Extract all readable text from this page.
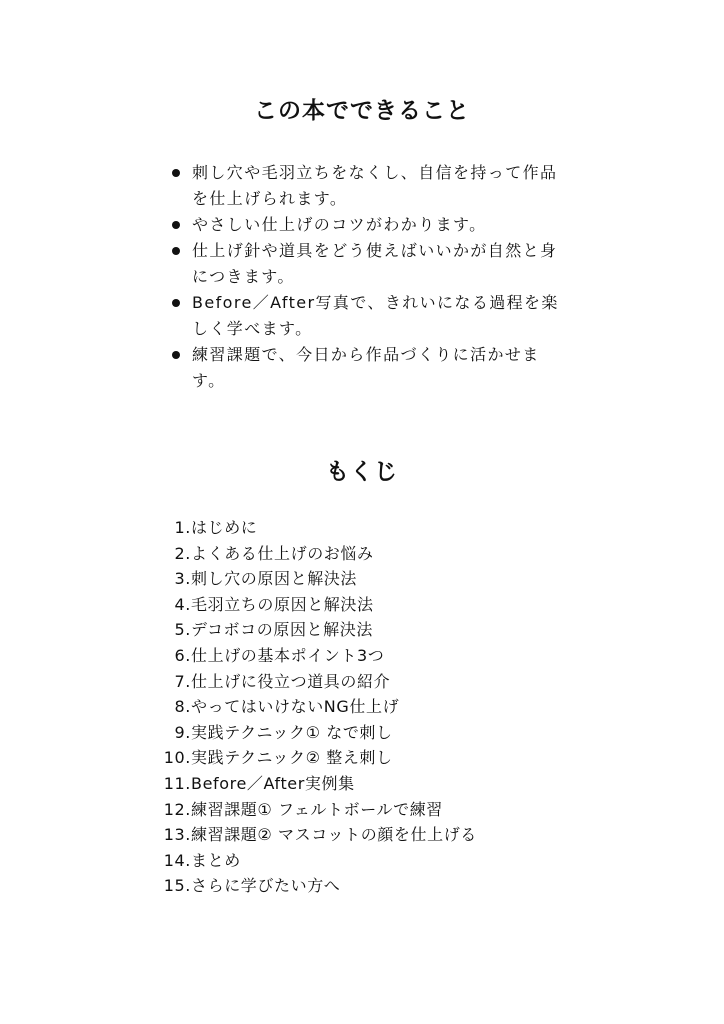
この本でできること
刺し穴や毛羽立ちをなくし、自信を持って作品を仕上げられます。
やさしい仕上げのコツがわかります。
仕上げ針や道具をどう使えばいいかが自然と身につきます。
Before／After写真で、きれいになる過程を楽しく学べます。
練習課題で、今日から作品づくりに活かせます。
もくじ
1. はじめに
2. よくある仕上げのお悩み
3. 刺し穴の原因と解決法
4. 毛羽立ちの原因と解決法
5. デコボコの原因と解決法
6. 仕上げの基本ポイント3つ
7. 仕上げに役立つ道具の紹介
8. やってはいけないNG仕上げ
9. 実践テクニック① なで刺し
10. 実践テクニック② 整え刺し
11. Before／After実例集
12. 練習課題① フェルトボールで練習
13. 練習課題② マスコットの顔を仕上げる
14. まとめ
15. さらに学びたい方へ
